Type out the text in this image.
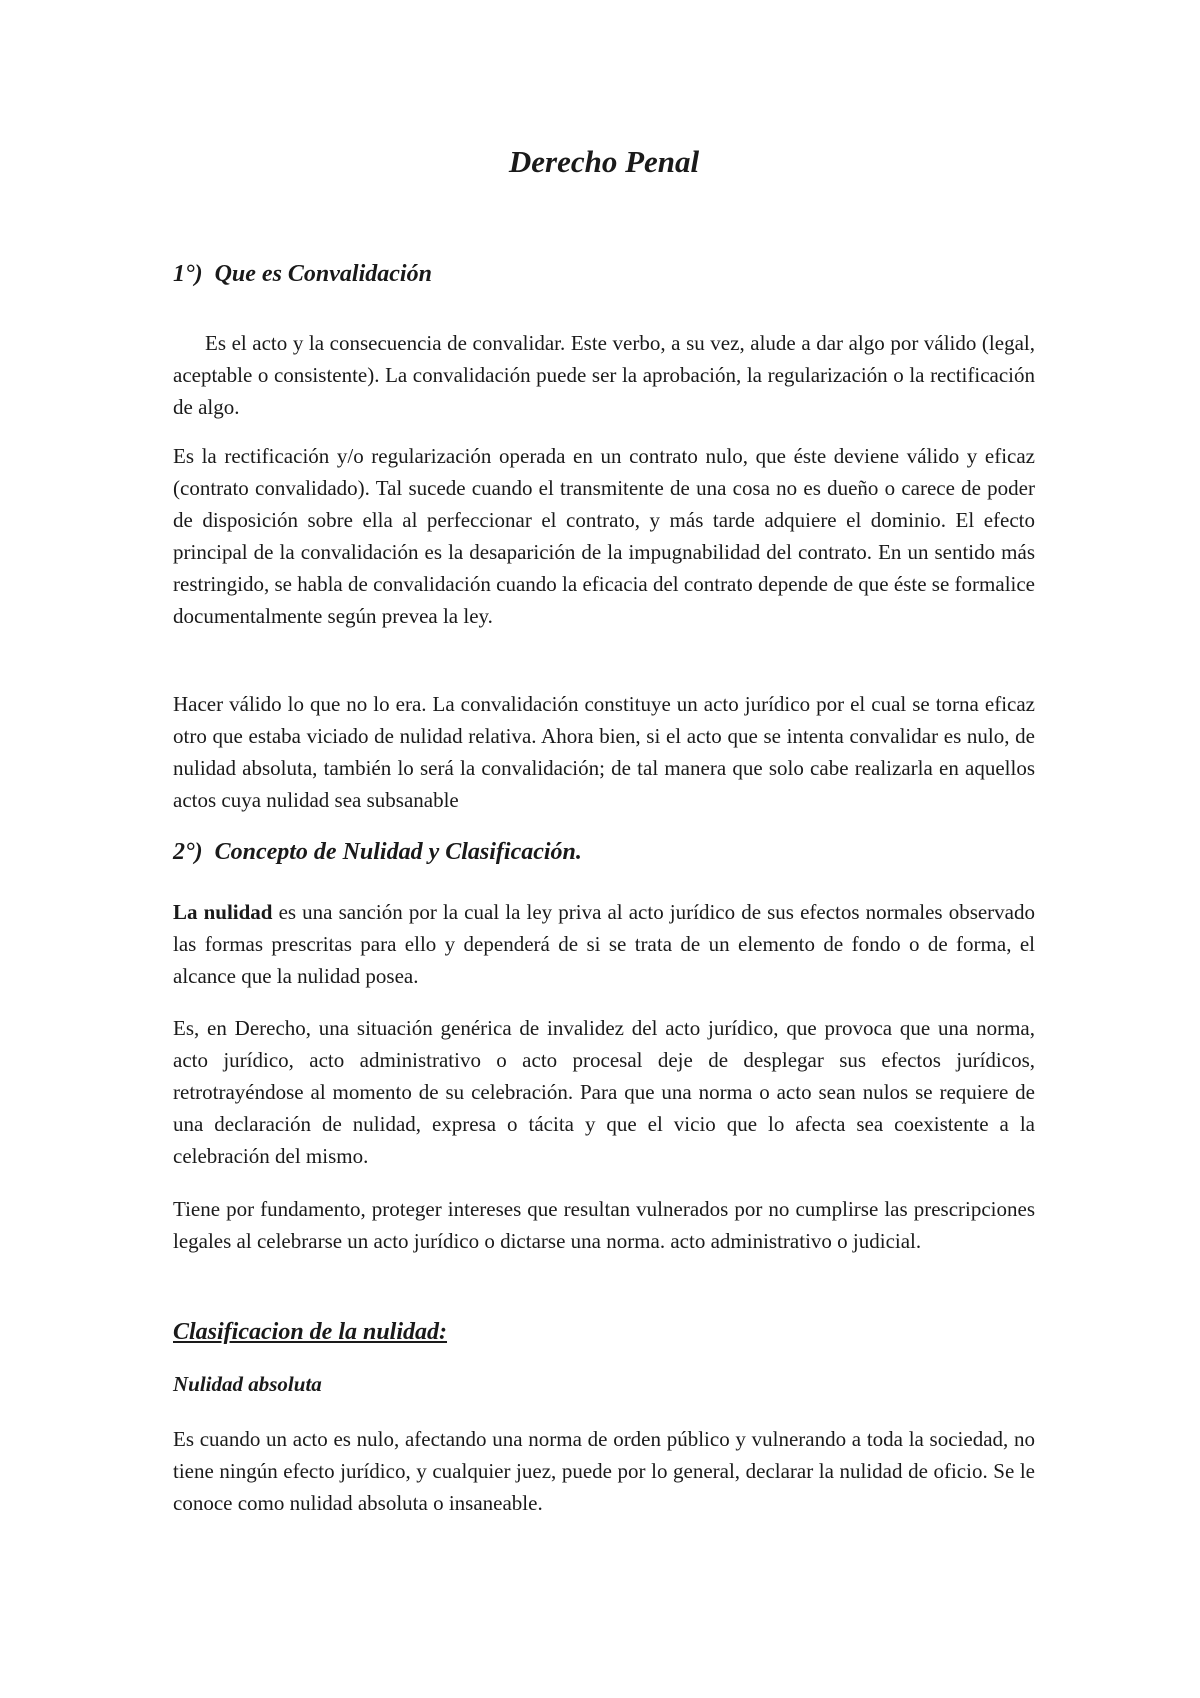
Derecho Penal
1°) Que es Convalidación

Es el acto y la consecuencia de convalidar. Este verbo, a su vez, alude a dar algo por válido (legal, aceptable o consistente). La convalidación puede ser la aprobación, la regularización o la rectificación de algo.

Es la rectificación y/o regularización operada en un contrato nulo, que éste deviene válido y eficaz (contrato convalidado). Tal sucede cuando el transmitente de una cosa no es dueño o carece de poder de disposición sobre ella al perfeccionar el contrato, y más tarde adquiere el dominio. El efecto principal de la convalidación es la desaparición de la impugnabilidad del contrato. En un sentido más restringido, se habla de convalidación cuando la eficacia del contrato depende de que éste se formalice documentalmente según prevea la ley.

Hacer válido lo que no lo era. La convalidación constituye un acto jurídico por el cual se torna eficaz otro que estaba viciado de nulidad relativa. Ahora bien, si el acto que se intenta convalidar es nulo, de nulidad absoluta, también lo será la convalidación; de tal manera que solo cabe realizarla en aquellos actos cuya nulidad sea subsanable

2°) Concepto de Nulidad y Clasificación.

La nulidad es una sanción por la cual la ley priva al acto jurídico de sus efectos normales observado las formas prescritas para ello y dependerá de si se trata de un elemento de fondo o de forma, el alcance que la nulidad posea.

Es, en Derecho, una situación genérica de invalidez del acto jurídico, que provoca que una norma, acto jurídico, acto administrativo o acto procesal deje de desplegar sus efectos jurídicos, retrotrayéndose al momento de su celebración. Para que una norma o acto sean nulos se requiere de una declaración de nulidad, expresa o tácita y que el vicio que lo afecta sea coexistente a la celebración del mismo.

Tiene por fundamento, proteger intereses que resultan vulnerados por no cumplirse las prescripciones legales al celebrarse un acto jurídico o dictarse una norma. acto administrativo o judicial.

Clasificacion de la nulidad:
Nulidad absoluta

Es cuando un acto es nulo, afectando una norma de orden público y vulnerando a toda la sociedad, no tiene ningún efecto jurídico, y cualquier juez, puede por lo general, declarar la nulidad de oficio. Se le conoce como nulidad absoluta o insaneable.
